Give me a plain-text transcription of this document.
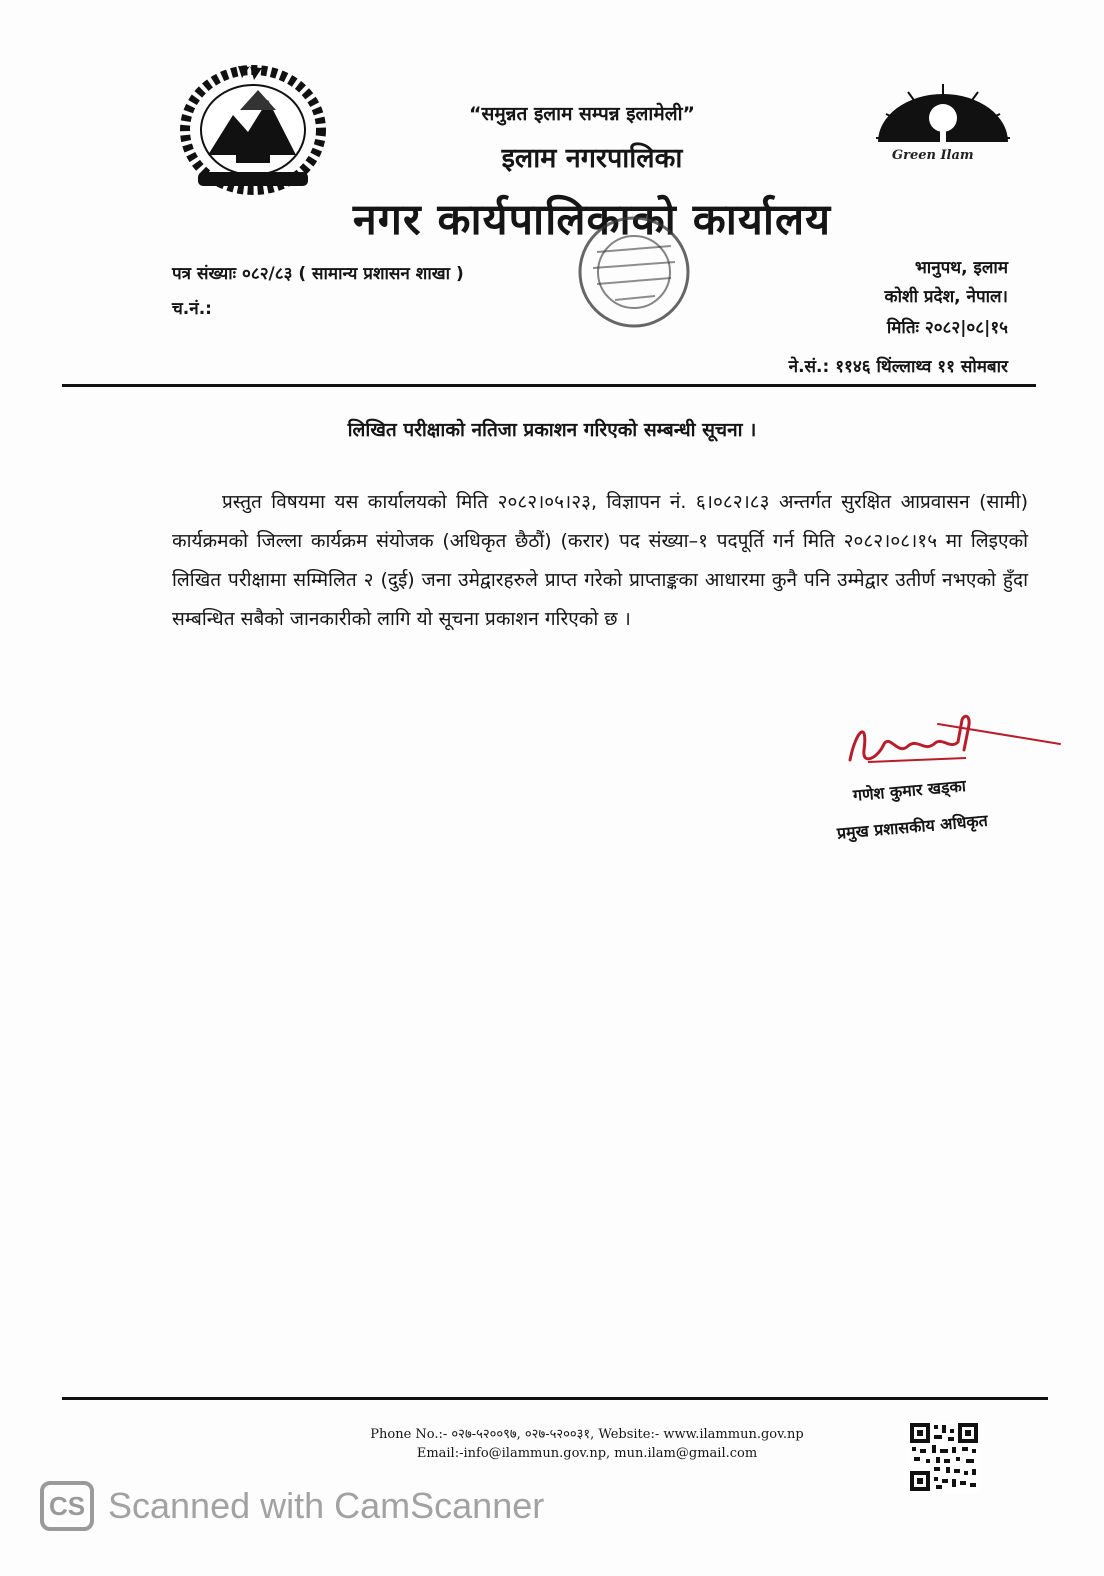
Green Ilam
“समुन्नत इलाम सम्पन्न इलामेली”
इलाम नगरपालिका
नगर कार्यपालिकाको कार्यालय
पत्र संख्याः ०८२/८३ ( सामान्य प्रशासन शाखा )
च.नं.:
भानुपथ, इलाम
कोशी प्रदेश, नेपाल।
मितिः २०८२|०८|१५
ने.सं.: ११४६ थिंल्लाथ्व ११ सोमबार
लिखित परीक्षाको नतिजा प्रकाशन गरिएको सम्बन्धी सूचना ।
प्रस्तुत विषयमा यस कार्यालयको मिति २०८२।०५।२३, विज्ञापन नं. ६।०८२।८३ अन्तर्गत सुरक्षित आप्रवासन (सामी) कार्यक्रमको जिल्ला कार्यक्रम संयोजक (अधिकृत छैठौं) (करार) पद संख्या–१ पदपूर्ति गर्न मिति २०८२।०८।१५ मा लिइएको लिखित परीक्षामा सम्मिलित २ (दुई) जना उमेद्वारहरुले प्राप्त गरेको प्राप्ताङ्कका आधारमा कुनै पनि उम्मेद्वार उतीर्ण नभएको हुँदा सम्बन्धित सबैको जानकारीको लागि यो सूचना प्रकाशन गरिएको छ ।
गणेश कुमार खड्का
प्रमुख प्रशासकीय अधिकृत
Phone No.:- ०२७-५२००९७, ०२७-५२००३१, Website:- www.ilammun.gov.np
Email:-info@ilammun.gov.np, mun.ilam@gmail.com
CS Scanned with CamScanner
